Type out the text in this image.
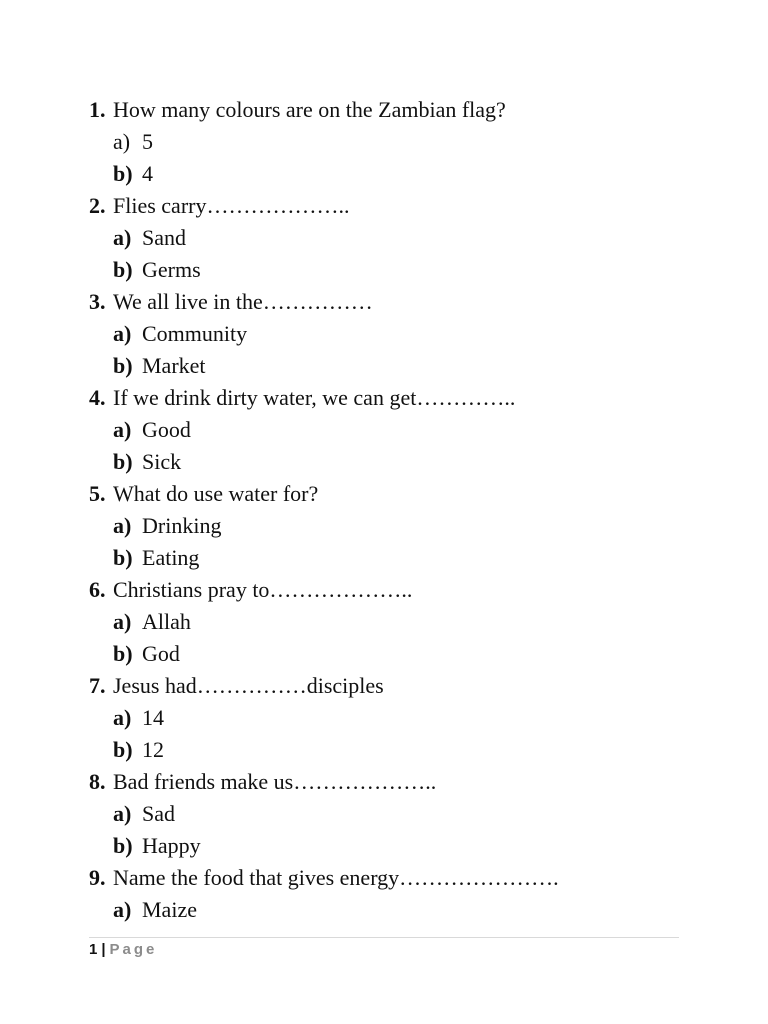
1. How many colours are on the Zambian flag?
a) 5
b) 4
2. Flies carry………………..
a) Sand
b) Germs
3. We all live in the……………
a) Community
b) Market
4. If we drink dirty water, we can get…………..
a) Good
b) Sick
5. What do use water for?
a) Drinking
b) Eating
6. Christians pray to………………..
a) Allah
b) God
7. Jesus had……………disciples
a) 14
b) 12
8. Bad friends make us………………..
a) Sad
b) Happy
9. Name the food that gives energy………………….
a) Maize
1 | Page
